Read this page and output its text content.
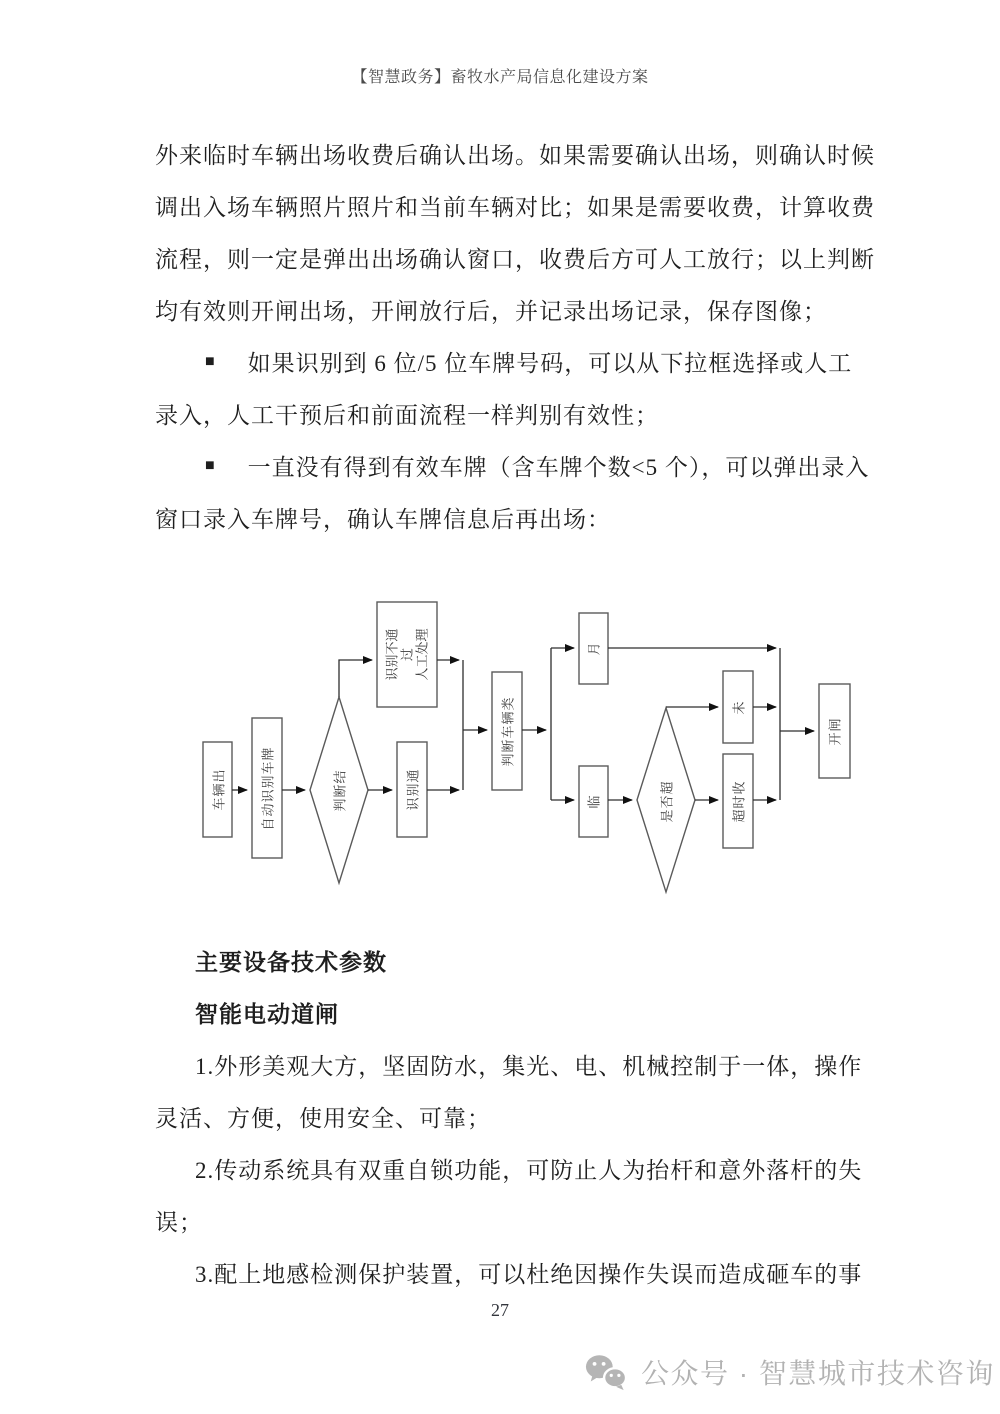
【智慧政务】畜牧水产局信息化建设方案
外来临时车辆出场收费后确认出场。如果需要确认出场，则确认时候
调出入场车辆照片照片和当前车辆对比；如果是需要收费，计算收费
流程，则一定是弹出出场确认窗口，收费后方可人工放行；以上判断
均有效则开闸出场，开闸放行后，并记录出场记录，保存图像；
■ 如果识别到 6 位/5 位车牌号码，可以从下拉框选择或人工
录入，人工干预后和前面流程一样判别有效性；
■ 一直没有得到有效车牌（含车牌个数<5 个），可以弹出录入
窗口录入车牌号，确认车牌信息后再出场：
车辆出	自动识别车牌	判断结
识别不通 过 人工处理
识别通
判断车辆类
月
临	是否超
未
超时收
开闸
主要设备技术参数
智能电动道闸
1.外形美观大方，坚固防水，集光、电、机械控制于一体，操作
灵活、方便，使用安全、可靠；
2.传动系统具有双重自锁功能，可防止人为抬杆和意外落杆的失
误；
3.配上地感检测保护装置，可以杜绝因操作失误而造成砸车的事
27
公众号 · 智慧城市技术咨询
